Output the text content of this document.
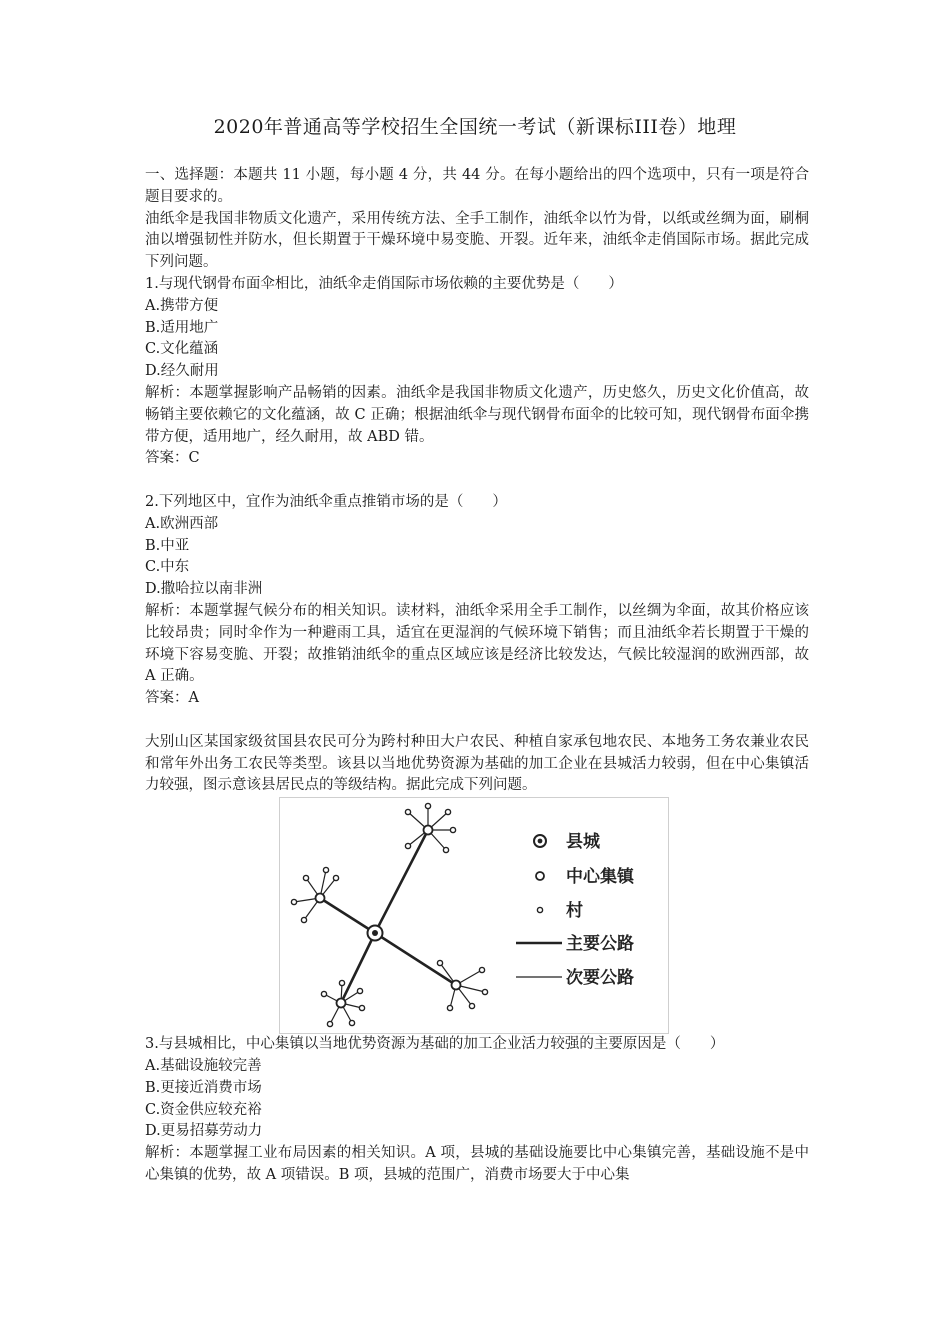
2020年普通高等学校招生全国统一考试（新课标III卷）地理

一、选择题：本题共 11 小题，每小题 4 分，共 44 分。在每小题给出的四个选项中，只有一项是符合题目要求的。

油纸伞是我国非物质文化遗产，采用传统方法、全手工制作，油纸伞以竹为骨，以纸或丝绸为面，刷桐油以增强韧性并防水，但长期置于干燥环境中易变脆、开裂。近年来，油纸伞走俏国际市场。据此完成下列问题。

1.与现代钢骨布面伞相比，油纸伞走俏国际市场依赖的主要优势是（　　）

A.携带方便

B.适用地广

C.文化蕴涵

D.经久耐用

解析：本题掌握影响产品畅销的因素。油纸伞是我国非物质文化遗产，历史悠久，历史文化价值高，故畅销主要依赖它的文化蕴涵，故 C 正确；根据油纸伞与现代钢骨布面伞的比较可知，现代钢骨布面伞携带方便，适用地广，经久耐用，故 ABD 错。

答案：C

2.下列地区中，宜作为油纸伞重点推销市场的是（　　）

A.欧洲西部

B.中亚

C.中东

D.撒哈拉以南非洲

解析：本题掌握气候分布的相关知识。读材料，油纸伞采用全手工制作，以丝绸为伞面，故其价格应该比较昂贵；同时伞作为一种避雨工具，适宜在更湿润的气候环境下销售；而且油纸伞若长期置于干燥的环境下容易变脆、开裂；故推销油纸伞的重点区域应该是经济比较发达，气候比较湿润的欧洲西部，故 A 正确。

答案：A

大别山区某国家级贫国县农民可分为跨村种田大户农民、种植自家承包地农民、本地务工务农兼业农民和常年外出务工农民等类型。该县以当地优势资源为基础的加工企业在县城活力较弱，但在中心集镇活力较强，图示意该县居民点的等级结构。据此完成下列问题。

县城
中心集镇
村
主要公路
次要公路

3.与县城相比，中心集镇以当地优势资源为基础的加工企业活力较强的主要原因是（　　）

A.基础设施较完善

B.更接近消费市场

C.资金供应较充裕

D.更易招募劳动力

解析：本题掌握工业布局因素的相关知识。A 项，县城的基础设施要比中心集镇完善，基础设施不是中心集镇的优势，故 A 项错误。B 项，县城的范围广，消费市场要大于中心集
